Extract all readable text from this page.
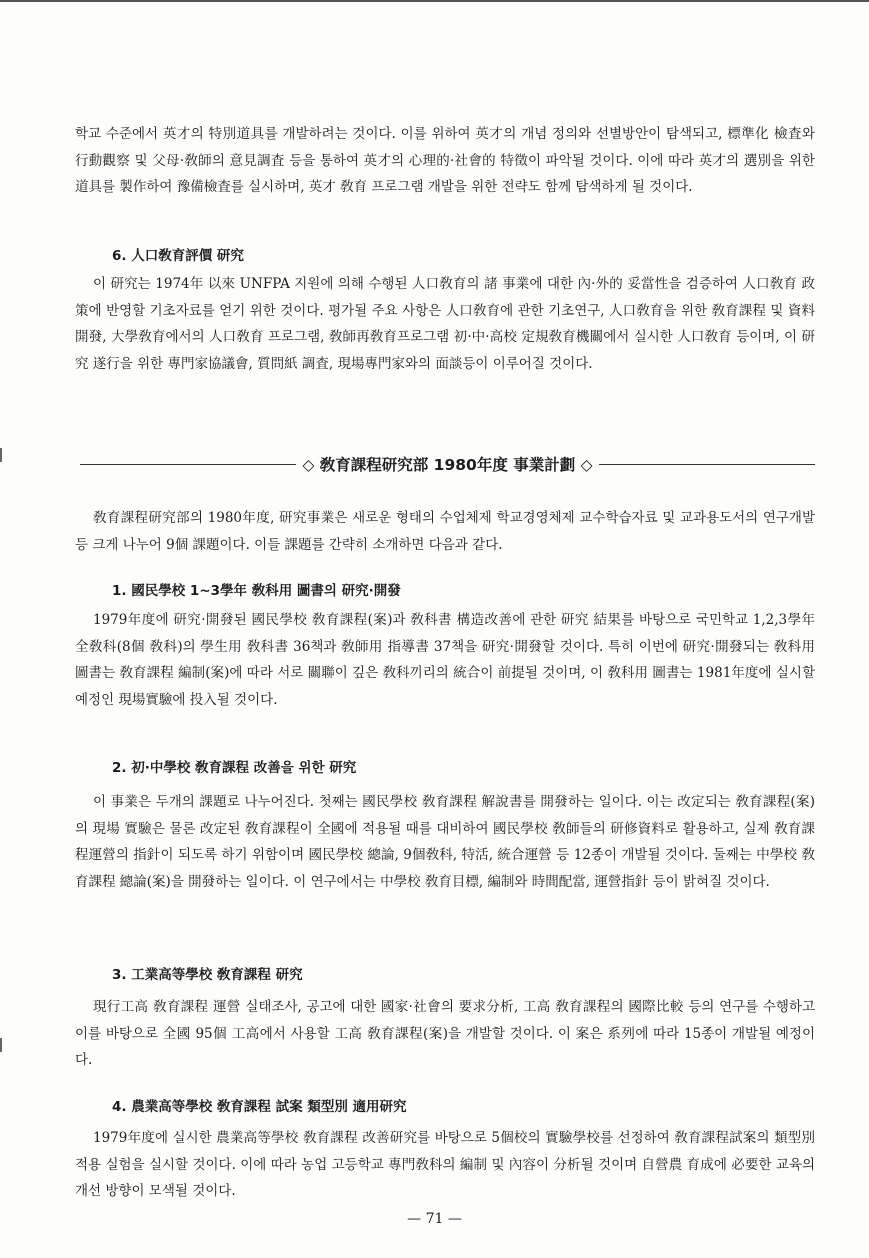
학교 수준에서 英才의 特別道具를 개발하려는 것이다. 이를 위하여 英才의 개념 정의와 선별방안이 탐색되고, 標準化 檢査와 行動觀察 및 父母·敎師의 意見調査 등을 통하여 英才의 心理的·社會的 特徵이 파악될 것이다. 이에 따라 英才의 選別을 위한 道具를 製作하여 豫備檢査를 실시하며, 英才 敎育 프로그램 개발을 위한 전략도 함께 탐색하게 될 것이다.

6. 人口敎育評價 研究

이 研究는 1974年 以來 UNFPA 지원에 의해 수행된 人口敎育의 諸 事業에 대한 內·外的 妥當性을 검증하여 人口敎育 政策에 반영할 기초자료를 얻기 위한 것이다. 평가될 주요 사항은 人口敎育에 관한 기초연구, 人口敎育을 위한 敎育課程 및 資料 開發, 大學敎育에서의 人口敎育 프로그램, 敎師再敎育프로그램 初·中·高校 定規敎育機關에서 실시한 人口敎育 등이며, 이 研究 遂行을 위한 專門家協議會, 質問紙 調査, 現場專門家와의 面談등이 이루어질 것이다.

◇ 敎育課程研究部 1980年度 事業計劃 ◇

敎育課程研究部의 1980年度, 研究事業은 새로운 형태의 수업체제 학교경영체제 교수학습자료 및 교과용도서의 연구개발 등 크게 나누어 9個 課題이다. 이들 課題를 간략히 소개하면 다음과 같다.

1. 國民學校 1~3學年 敎科用 圖書의 研究·開發

1979年度에 研究·開發된 國民學校 敎育課程(案)과 敎科書 構造改善에 관한 研究 結果를 바탕으로 국민학교 1,2,3學年 全敎科(8個 敎科)의 學生用 敎科書 36책과 敎師用 指導書 37책을 研究·開發할 것이다. 특히 이번에 研究·開發되는 敎科用 圖書는 敎育課程 編制(案)에 따라 서로 關聯이 깊은 敎科끼리의 統合이 前提될 것이며, 이 敎科用 圖書는 1981年度에 실시할 예정인 現場實驗에 投入될 것이다.

2. 初·中學校 敎育課程 改善을 위한 研究

이 事業은 두개의 課題로 나누어진다. 첫째는 國民學校 敎育課程 解說書를 開發하는 일이다. 이는 改定되는 敎育課程(案)의 現場 實驗은 물론 改定된 敎育課程이 全國에 적용될 때를 대비하여 國民學校 敎師들의 研修資料로 활용하고, 실제 敎育課程運營의 指針이 되도록 하기 위함이며 國民學校 總論, 9個敎科, 特活, 統合運營 등 12종이 개발될 것이다. 둘째는 中學校 敎育課程 總論(案)을 開發하는 일이다. 이 연구에서는 中學校 敎育目標, 編制와 時間配當, 運營指針 등이 밝혀질 것이다.

3. 工業高等學校 敎育課程 研究

現行工高 敎育課程 運營 실태조사, 공고에 대한 國家·社會의 要求分析, 工高 敎育課程의 國際比較 등의 연구를 수행하고 이를 바탕으로 全國 95個 工高에서 사용할 工高 敎育課程(案)을 개발할 것이다. 이 案은 系列에 따라 15종이 개발될 예정이다.

4. 農業高等學校 敎育課程 試案 類型別 適用研究

1979年度에 실시한 農業高等學校 敎育課程 改善研究를 바탕으로 5個校의 實驗學校를 선정하여 敎育課程試案의 類型別 적용 실험을 실시할 것이다. 이에 따라 농업 고등학교 專門敎科의 編制 및 內容이 分析될 것이며 自營農 育成에 必要한 교육의 개선 방향이 모색될 것이다.

— 71 —
